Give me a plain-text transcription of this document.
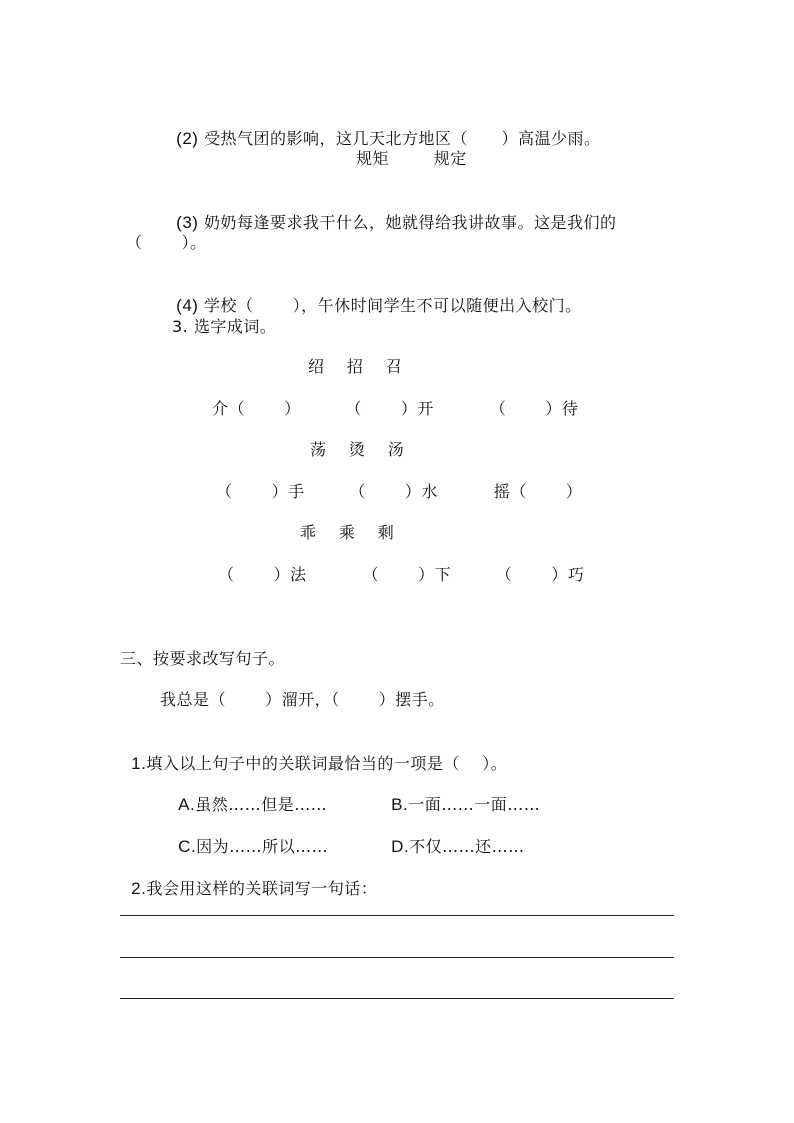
(2) 受热气团的影响，这几天北方地区（      ）高温少雨。

规矩        规定

(3) 奶奶每逢要求我干什么，她就得给我讲故事。这是我们的

（       ）。

(4) 学校（       ），午休时间学生不可以随便出入校门。

3. 选字成词。
绍    招    召
介（       ）        （       ）开          （       ）待
荡    烫    汤
（       ）手        （       ）水          摇（       ）
乖    乘    剩
（       ）法          （       ）下        （       ）巧
三、按要求改写句子。
我总是（       ）溜开，（       ）摆手。

1.填入以上句子中的关联词最恰当的一项是（    ）。

A.虽然……但是……	B.一面……一面……

C.因为……所以……	D.不仅……还……

2.我会用这样的关联词写一句话：
